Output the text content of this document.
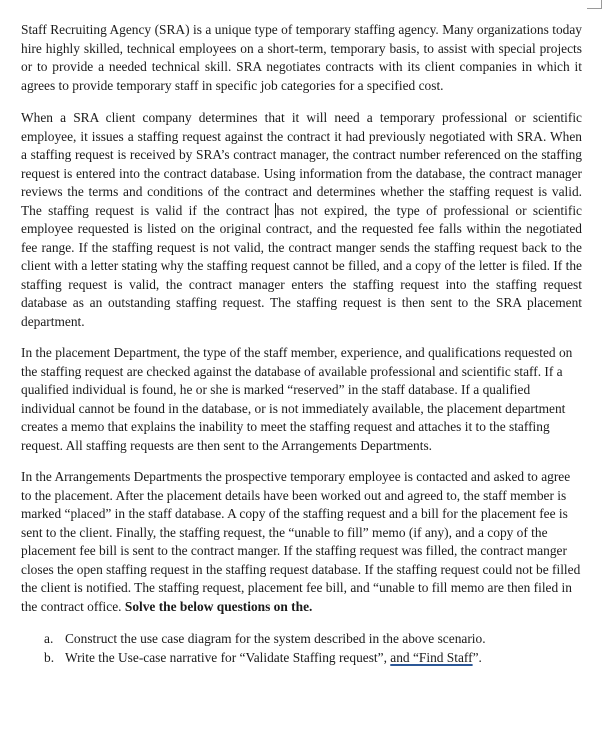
Staff Recruiting Agency (SRA) is a unique type of temporary staffing agency. Many organizations today hire highly skilled, technical employees on a short-term, temporary basis, to assist with special projects or to provide a needed technical skill. SRA negotiates contracts with its client companies in which it agrees to provide temporary staff in specific job categories for a specified cost.

When a SRA client company determines that it will need a temporary professional or scientific employee, it issues a staffing request against the contract it had previously negotiated with SRA. When a staffing request is received by SRA’s contract manager, the contract number referenced on the staffing request is entered into the contract database. Using information from the database, the contract manager reviews the terms and conditions of the contract and determines whether the staffing request is valid. The staffing request is valid if the contract has not expired, the type of professional or scientific employee requested is listed on the original contract, and the requested fee falls within the negotiated fee range. If the staffing request is not valid, the contract manger sends the staffing request back to the client with a letter stating why the staffing request cannot be filled, and a copy of the letter is filed. If the staffing request is valid, the contract manager enters the staffing request into the staffing request database as an outstanding staffing request. The staffing request is then sent to the SRA placement department.

In the placement Department, the type of the staff member, experience, and qualifications requested on the staffing request are checked against the database of available professional and scientific staff. If a qualified individual is found, he or she is marked “reserved” in the staff database. If a qualified individual cannot be found in the database, or is not immediately available, the placement department creates a memo that explains the inability to meet the staffing request and attaches it to the staffing request. All staffing requests are then sent to the Arrangements Departments.

In the Arrangements Departments the prospective temporary employee is contacted and asked to agree to the placement. After the placement details have been worked out and agreed to, the staff member is marked “placed” in the staff database. A copy of the staffing request and a bill for the placement fee is sent to the client. Finally, the staffing request, the “unable to fill” memo (if any), and a copy of the placement fee bill is sent to the contract manger. If the staffing request was filled, the contract manger closes the open staffing request in the staffing request database. If the staffing request could not be filled the client is notified. The staffing request, placement fee bill, and “unable to fill memo are then filed in the contract office. Solve the below questions on the.

a. Construct the use case diagram for the system described in the above scenario.
b. Write the Use-case narrative for “Validate Staffing request”, and “Find Staff”.
